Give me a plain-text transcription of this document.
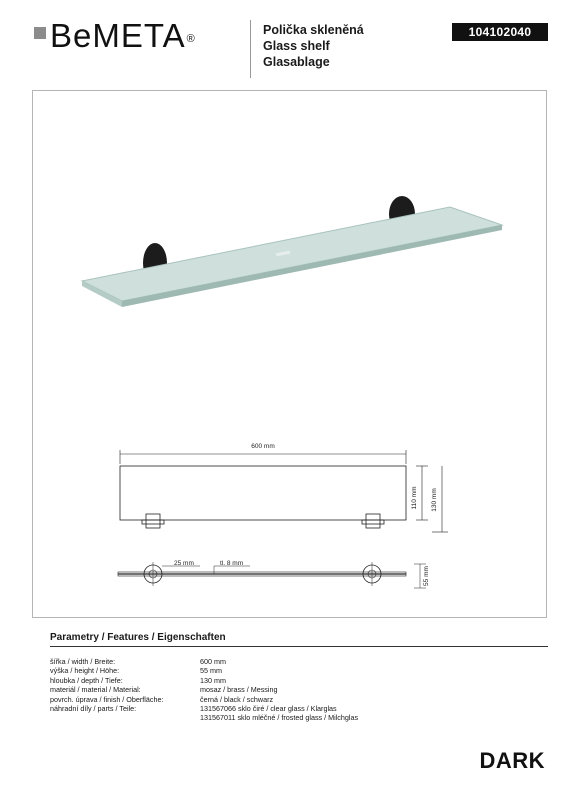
BeMETA®
Polička skleněná
Glass shelf
Glasablage
104102040
600 mm
110 mm 130 mm
25 mm	tl. 8 mm
55 mm
Parametry / Features / Eigenschaften
šířka / width / Breite:	600 mm
výška / height / Höhe:	55 mm
hloubka / depth / Tiefe:	130 mm
materiál / material / Material:	mosaz / brass / Messing
povrch. úprava / finish / Oberfläche:	černá / black / schwarz
náhradní díly / parts / Teile:	131567066 sklo čiré / clear glass / Klarglas
131567011 sklo mléčné / frosted glass / Milchglas
DARK
